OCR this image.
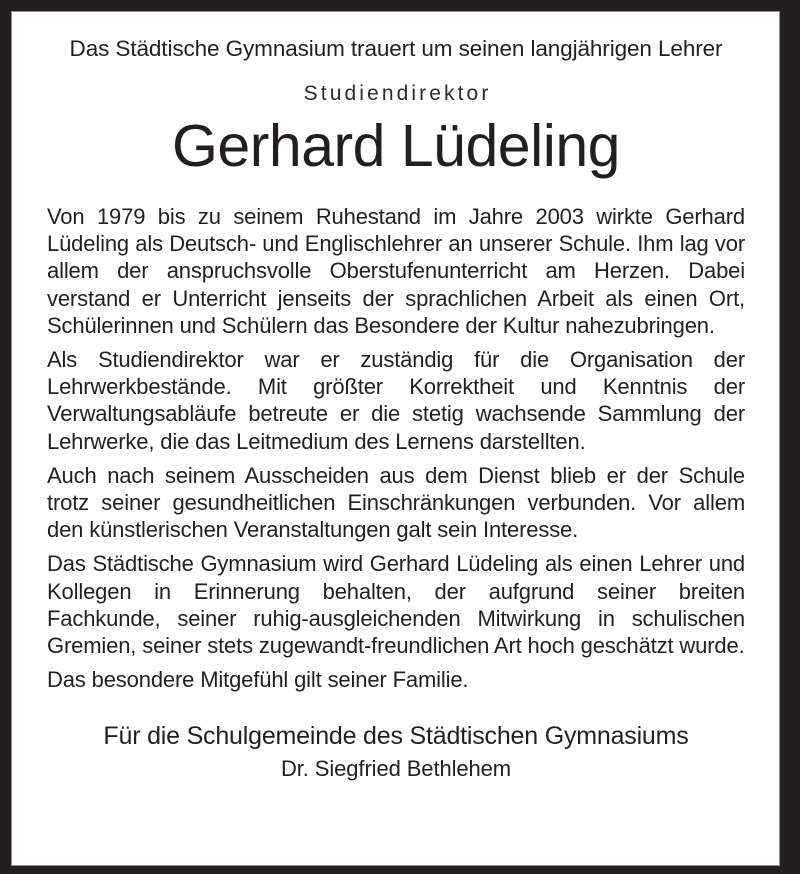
Das Städtische Gymnasium trauert um seinen langjährigen Lehrer
Studiendirektor
Gerhard Lüdeling

Von 1979 bis zu seinem Ruhestand im Jahre 2003 wirkte Gerhard Lüdeling als Deutsch- und Englischlehrer an unserer Schule. Ihm lag vor allem der anspruchsvolle Oberstufenunterricht am Herzen. Dabei verstand er Unterricht jenseits der sprachlichen Arbeit als einen Ort, Schülerinnen und Schülern das Besondere der Kultur nahezubringen.

Als Studiendirektor war er zuständig für die Organisation der Lehrwerkbestände. Mit größter Korrektheit und Kenntnis der Verwaltungsabläufe betreute er die stetig wachsende Sammlung der Lehrwerke, die das Leitmedium des Lernens darstellten.

Auch nach seinem Ausscheiden aus dem Dienst blieb er der Schule trotz seiner gesundheitlichen Einschränkungen verbunden. Vor allem den künstlerischen Veranstaltungen galt sein Interesse.

Das Städtische Gymnasium wird Gerhard Lüdeling als einen Lehrer und Kollegen in Erinnerung behalten, der aufgrund seiner breiten Fachkunde, seiner ruhig-ausgleichenden Mitwirkung in schulischen Gremien, seiner stets zugewandt-freundlichen Art hoch geschätzt wurde.

Das besondere Mitgefühl gilt seiner Familie.

Für die Schulgemeinde des Städtischen Gymnasiums
Dr. Siegfried Bethlehem
